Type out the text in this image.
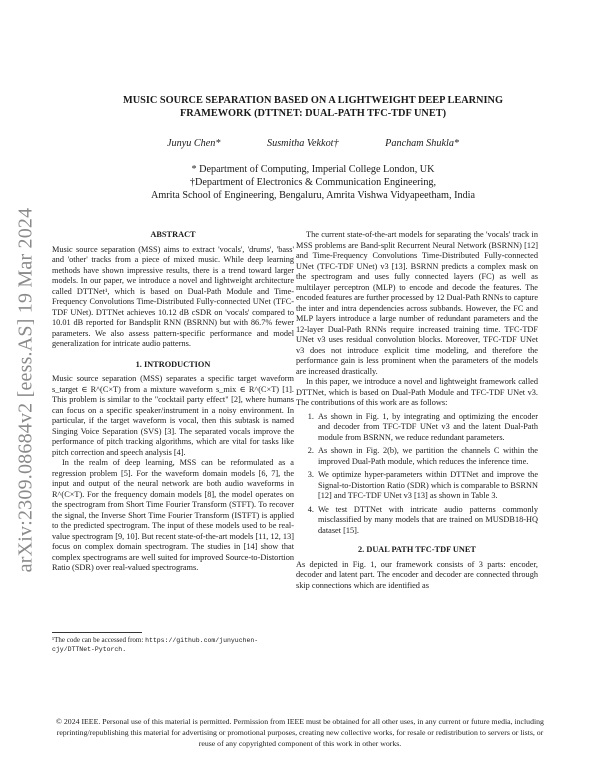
arXiv:2309.08684v2 [eess.AS] 19 Mar 2024
MUSIC SOURCE SEPARATION BASED ON A LIGHTWEIGHT DEEP LEARNING
FRAMEWORK (DTTNET: DUAL-PATH TFC-TDF UNET)
Junyu Chen*	Susmitha Vekkot†	Pancham Shukla*
* Department of Computing, Imperial College London, UK
†Department of Electronics & Communication Engineering,
Amrita School of Engineering, Bengaluru, Amrita Vishwa Vidyapeetham, India
ABSTRACT

Music source separation (MSS) aims to extract 'vocals', 'drums', 'bass' and 'other' tracks from a piece of mixed music. While deep learning methods have shown impressive results, there is a trend toward larger models. In our paper, we introduce a novel and lightweight architecture called DTTNet¹, which is based on Dual-Path Module and Time-Frequency Convolutions Time-Distributed Fully-connected UNet (TFC-TDF UNet). DTTNet achieves 10.12 dB cSDR on 'vocals' compared to 10.01 dB reported for Bandsplit RNN (BSRNN) but with 86.7% fewer parameters. We also assess pattern-specific performance and model generalization for intricate audio patterns.

1. INTRODUCTION

Music source separation (MSS) separates a specific target waveform s_target ∈ R^(C×T) from a mixture waveform s_mix ∈ R^(C×T) [1]. This problem is similar to the "cocktail party effect" [2], where humans can focus on a specific speaker/instrument in a noisy environment. In particular, if the target waveform is vocal, then this subtask is named Singing Voice Separation (SVS) [3]. The separated vocals improve the performance of pitch tracking algorithms, which are vital for tasks like pitch correction and speech analysis [4].

In the realm of deep learning, MSS can be reformulated as a regression problem [5]. For the waveform domain models [6, 7], the input and output of the neural network are both audio waveforms in R^(C×T). For the frequency domain models [8], the model operates on the spectrogram from Short Time Fourier Transform (STFT). To recover the signal, the Inverse Short Time Fourier Transform (ISTFT) is applied to the predicted spectrogram. The input of these models used to be real-value spectrogram [9, 10]. But recent state-of-the-art models [11, 12, 13] focus on complex domain spectrogram. The studies in [14] show that complex spectrograms are well suited for improved Source-to-Distortion Ratio (SDR) over real-valued spectrograms.

¹The code can be accessed from: https://github.com/junyuchen-cjy/DTTNet-Pytorch.

The current state-of-the-art models for separating the 'vocals' track in MSS problems are Band-split Recurrent Neural Network (BSRNN) [12] and Time-Frequency Convolutions Time-Distributed Fully-connected UNet (TFC-TDF UNet) v3 [13]. BSRNN predicts a complex mask on the spectrogram and uses fully connected layers (FC) as well as multilayer perceptron (MLP) to encode and decode the features. The encoded features are further processed by 12 Dual-Path RNNs to capture the inter and intra dependencies across subbands. However, the FC and MLP layers introduce a large number of redundant parameters and the 12-layer Dual-Path RNNs require increased training time. TFC-TDF UNet v3 uses residual convolution blocks. Moreover, TFC-TDF UNet v3 does not introduce explicit time modeling, and therefore the performance gain is less prominent when the parameters of the models are increased drastically.

In this paper, we introduce a novel and lightweight framework called DTTNet, which is based on Dual-Path Module and TFC-TDF UNet v3. The contributions of this work are as follows:

1. As shown in Fig. 1, by integrating and optimizing the encoder and decoder from TFC-TDF UNet v3 and the latent Dual-Path module from BSRNN, we reduce redundant parameters.
2. As shown in Fig. 2(b), we partition the channels C within the improved Dual-Path module, which reduces the inference time.
3. We optimize hyper-parameters within DTTNet and improve the Signal-to-Distortion Ratio (SDR) which is comparable to BSRNN [12] and TFC-TDF UNet v3 [13] as shown in Table 3.
4. We test DTTNet with intricate audio patterns commonly misclassified by many models that are trained on MUSDB18-HQ dataset [15].
2. DUAL PATH TFC-TDF UNET

As depicted in Fig. 1, our framework consists of 3 parts: encoder, decoder and latent part. The encoder and decoder are connected through skip connections which are identified as

© 2024 IEEE. Personal use of this material is permitted. Permission from IEEE must be obtained for all other uses, in any current or future media, including reprinting/republishing this material for advertising or promotional purposes, creating new collective works, for resale or redistribution to servers or lists, or reuse of any copyrighted component of this work in other works.
